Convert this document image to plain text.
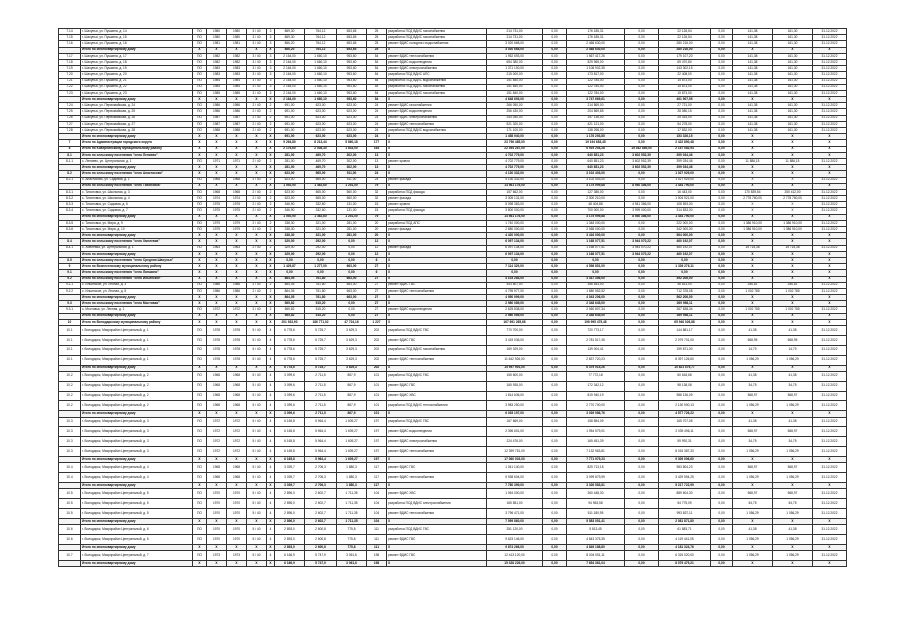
7.14	г. Шахунья, ул. Пушкина, д. 14	ПО	1980	1980	3 / 40	3	869,30	764,12	653,65	25	разработка ПСД ВДИС газоснабжения	214 731,00	0,00	176 185,31	0,00	22 126,54	0,00	141,38	161,30	31.12.2022
7.15	г. Шахунья, ул. Пушкина, д. 15	ПО	1980	1980	3 / 40	3	869,30	764,12	653,65	25	разработка ПСД ВДИС газоснабжения	214 731,00	0,00	176 185,31	0,00	22 126,54	0,00	141,38	161,30	31.12.2022
7.16	г. Шахунья, ул. Пушкина, д. 16	ПО	1981	1981	3 / 40	3	866,20	764,12	653,65	25	ремонт ВДИС холодного водоснабжения	3 020 668,00	0,00	2 468 630,00	0,00	280 216,00	0,00	141,38	161,30	31.12.2022
	Итого по многоквартирному дому	X	X	X	X	X	866,20	764,12	653,65	25	X	3 020 668,00	0,00	2 468 630,00	0,00	280 216,00	0,00	X	X	X
7.17	г. Шахунья, ул. Пушкина, д. 17	ПО	1982	1982	3 / 40	3	2 164,00	1 660,10	953,60	54	ремонт ВДИС теплоснабжения	1 952 693,00	0,00	1 567 417,26	0,00	179 107,20	0,00	141,38	161,30	31.12.2022
7.18	г. Шахунья, ул. Пушкина, д. 18	ПО	1982	1982	3 / 40	3	2 164,00	1 660,10	953,60	54	ремонт ВДИС водоотведения	654 380,00	0,00	529 965,00	0,00	69 470,80	0,00	141,38	161,30	31.12.2022
7.19	г. Шахунья, ул. Пушкина, д. 19	ПО	1983	1983	3 / 40	3	2 164,00	1 660,10	953,60	54	ремонт ВДИС электроснабжения	1 371 100,00	0,00	1 108 902,35	0,00	143 302,15	0,00	141,38	161,30	31.12.2022
7.20	г. Шахунья, ул. Пушкина, д. 20	ПО	1983	1983	3 / 40	3	2 164,00	1 660,10	953,60	54	разработка ПСД ВДИС АПС	215 000,00	0,00	173 817,00	0,00	22 408,00	0,00	141,38	161,30	31.12.2022
7.21	г. Шахунья, ул. Пушкина, д. 21	ПО	1984	1984	3 / 40	3	2 164,00	1 660,10	953,60	54	разработка ПСД ВДИС водоснабжения	151 840,00	0,00	122 784,00	0,00	15 873,00	0,00	141,38	161,30	31.12.2022
7.22	г. Шахунья, ул. Пушкина, д. 22	ПО	1984	1984	3 / 40	3	2 164,00	1 660,10	953,60	54	разработка ПСД ВДИС газоснабжения	151 840,00	0,00	122 784,00	0,00	15 873,00	0,00	141,38	161,30	31.12.2022
7.23	г. Шахунья, ул. Пушкина, д. 23	ПО	1985	1985	3 / 40	3	2 164,00	1 660,10	953,60	54	разработка ПСД ВДИС газоснабжения	151 840,00	0,00	122 784,00	0,00	15 873,00	0,00	141,38	161,30	31.12.2022
	Итого по многоквартирному дому	X	X	X	X	X	2 164,00	1 660,10	953,60	54	X	4 648 693,00	0,00	3 747 669,61	0,00	461 907,95	0,00	X	X	X
7.24	г. Шахунья, ул. Первомайская, д. 24	ПО	1986	1986	2 / 40	2	691,00	623,00	623,00	24	ремонт ВДИС газоснабжения	266 050,00	0,00	214 869,00	0,00	27 721,00	0,00	141,38	161,30	31.12.2022
7.25	г. Шахунья, ул. Первомайская, д. 25	ПО	1986	1986	2 / 40	2	691,00	623,00	623,00	24	ремонт ВДИС водоотведения	256 430,00	0,00	204 869,85	0,00	28 080,15	0,00	141,38	161,30	31.12.2022
7.26	г. Шахунья, ул. Первомайская, д. 26	ПО	1987	1987	2 / 40	2	691,00	623,00	623,00	24	ремонт ВДИС электроснабжения	244 040,00	0,00	197 136,00	0,00	25 415,00	0,00	141,38	161,30	31.12.2022
7.27	г. Шахунья, ул. Первомайская, д. 27	ПО	1987	1987	2 / 40	2	691,00	623,00	623,00	24	ремонт ВДИС теплоснабжения	521 320,00	0,00	421 121,00	0,00	54 278,00	0,00	141,38	161,30	31.12.2022
7.28	г. Шахунья, ул. Первомайская, д. 28	ПО	1988	1988	2 / 40	2	691,00	623,00	623,00	24	разработка ПСД ВДИС водоснабжения	171 100,00	0,00	138 298,00	0,00	17 832,00	0,00	141,38	161,30	31.12.2022
	Итого по многоквартирному дому	X	X	X	X	X	691,00	623,00	623,00	24	X	1 458 940,00	0,00	1 176 293,85	0,00	153 326,15	0,00	X	X	X
7	Итого по Администрации городского округа	X	X	X	X	X	9 264,80	8 213,44	5 860,18	177	X	23 796 485,00	0,00	19 194 683,45	0,00	2 422 890,48	0,00	X	X	X
8	Итого по Ковернинскому муниципальному району	X	X	X	X	X	2 176,60	2 036,30	1 833,00	164	X	22 394 287,00	0,00	6 919 254,28	15 032 889,00	2 157 082,94	0,00	X	X	X
8.1	Итого по сельскому поселению "село Леняево"	X	X	X	X	X	281,00	469,70	302,00	13	X	4 702 779,00	0,00	640 851,23	3 602 552,39	399 034,46	0,00	X	X	X
8.1.1	с. Леняево, ул. Центральная, д. 1	ПО	1971	1971	2 / 40	2	281,00	469,70	302,00	13	ремонт кровли	4 702 779,00	0,00	640 851,23	3 602 552,39	399 034,46	0,00	11 886,15	11 886,15	31.12.2022
	Итого по многоквартирному дому	X	X	X	X	X	281,00	469,70	302,00	13	X	4 702 779,00	0,00	640 851,23	3 602 552,39	399 034,46	0,00	X	X	X
8.2	Итого по сельскому поселению "село Анастасово"	X	X	X	X	X	623,00	565,00	511,00	24	X	4 130 332,00	0,00	3 102 403,00	0,00	1 027 929,00	0,00	X	X	X
8.2.1	с. Анастасово, ул. Садовая, д. 1	ПО	1968	1968	2 / 40	2	623,00	565,00	511,00	24	ремонт фасада	4 130 332,00	0,00	3 102 403,00	0,00	1 027 929,00	0,00	X	X	31.12.2022
	Итого по сельскому поселению "село Тихоновка"	X	X	X	X	X	1 592,90	1 462,60	1 251,00	79	X	13 561 176,00	0,00	3 175 999,88	8 940 386,00	1 444 790,00	0,00	X	X	X
8.3.1	с. Тихоновка, ул. Школьная, д. 3	ПО	1968	1968	2 / 40	2	623,00	565,00	560,00	32	разработка ПСД фасада	157 662,00	0,00	127 385,00	0,00	16 443,00	0,00	170 839,54	250 412,00	31.12.2022
8.3.2	с. Тихоновка, ул. Школьная, д. 4	ПО	1974	1974	2 / 40	2	623,00	565,00	560,00	32	ремонт фасада	3 305 131,00	0,00	2 300 210,00	0,00	1 004 921,00	0,00	2 778 760,00	2 778 760,00	31.12.2022
8.3.3	с. Тихоновка, ул. Садовая, д. 6	ПО	1975	1975	2 / 40	2	346,90	332,60	131,00	15	ремонт кровли	5 098 383,00	0,00	48 404,88	4 941 386,00	108 593,00	0,00	X	X	31.12.2022
8.3.4	с. Тихоновка, ул. Садовая, д. 7	ПО	1975	1975	2 / 40	2	346,90	332,60	131,00	15	разработка ПСД фасада	3 800 000,00	0,00	700 000,00	3 999 000,00	314 833,00	0,00	X	X	31.12.2022
	Итого по многоквартирному дому	X	X	X	X	X	1 592,90	1 462,60	1 251,00	79	X	13 561 176,00	0,00	3 175 999,88	8 940 386,00	1 444 790,00	0,00	X	X	X
8.3.5	с. Тихоновка, ул. Мира, д. 9	ПО	1979	1979	2 / 40	2	338,30	321,00	281,00	20	разработка ПСД АПС	1 740 000,00	0,00	1 348 000,00	0,00	222 000,00	0,00	1 386 910,00	1 386 910,00	31.12.2022
8.3.6	с. Тихоновка, ул. Мира, д. 10	ПО	1979	1979	2 / 40	2	338,30	321,00	281,00	20	ремонт фасада	2 680 000,00	0,00	2 068 000,00	0,00	342 000,00	0,00	1 386 910,00	1 386 910,00	31.12.2022
	Итого по многоквартирному дому	X	X	X	X	X	338,30	321,00	281,00	20	X	4 420 000,00	0,00	3 416 000,00	0,00	564 000,00	0,00	X	X	X
8.4	Итого по сельскому поселению "село Хмелевка"	X	X	X	X	X	329,00	292,00	0,00	12	X	6 097 134,00	0,00	1 168 077,51	3 944 070,22	460 192,07	0,00	X	X	X
8.4.1	с. Хмелевка, ул. Центральная, д. 1	ПО	1963	1963	2 / 40	2	329,00	292,00	0,00	12	ремонт фасада	6 097 134,00	0,00	1 168 077,51	3 944 070,22	460 192,07	0,00	15 715,36	15 715,36	31.12.2022
	Итого по многоквартирному дому	X	X	X	X	X	329,00	292,00	0,00	12	X	6 097 134,00	0,00	1 168 077,51	3 944 070,22	460 192,07	0,00	X	X	X
8.5	Итого по сельскому поселению "село Средняя Шахунья"	X	X	X	X	X	0,00	0,00	0,00	6	X	0,00	0,00	0,00	0,00	0,00	0,00	X	X	X
9	Итого по Вознесенскому муниципальному району	X	X	X	X	X	1 429,87	1 277,00	663,00	27	X	7 114 329,00	0,00	4 598 851,00	0,00	1 339 276,11	0,00	X	X	X
9.1	Итого по сельскому поселению "село Лапшино"	X	X	X	X	X	0,00	0,00	0,00	6	X	0,00	0,00	0,00	0,00	0,00	0,00	X	X	X
9.2	Итого по сельскому поселению "село Ильинское"	X	X	X	X	X	864,05	761,80	663,00	27	X	4 103 284,00	0,00	3 347 356,00	0,00	392 206,00	0,00	X	X	X
9.2.1	с. Ильинское, ул. Лесная, д. 3	ПО	1986	1986	2 / 40	2	864,05	761,80	663,00	27	ремонт ВДИС ГВС	443 807,00	0,00	356 453,00	0,00	46 813,00	0,00	256,81	256,81	31.12.2022
9.2.2	с. Ильинское, ул. Лесная, д. 5	ПО	1986	1986	2 / 40	2	864,05	761,80	663,00	27	ремонт ВДИС теплоснабжения	4 795 977,00	0,00	1 680 552,52	0,00	712 378,08	0,00	1 002 785	1 002 785	31.12.2022
	Итого по многоквартирному дому	X	X	X	X	X	864,05	761,80	663,00	27	X	4 950 999,00	0,00	4 043 206,00	0,00	562 206,00	0,00	X	X	X
9.3	Итого по сельскому поселению "село Мостовка"	X	X	X	X	X	565,82	515,20	0,00	27	X	2 980 089,00	0,00	2 348 645,00	0,00	269 958,11	0,00	X	X	X
9.3.1	с. Мостовка, ул. Лесная, д. 1	ПО	1972	1972	2 / 40	2	565,82	515,20	0,00	27	ремонт ВДИС водоотведения	2 625 838,00	0,00	2 060 807,34	0,00	267 638,34	0,00	1 002 785	1 002 785	31.12.2022
	Итого по многоквартирному дому	X	X	X	X	X	565,82	515,20	0,00	27	X	2 980 089,00	0,00	2 348 645,00	0,00	269 958,11	0,00	X	X	X
10	Итого по Володарскому муниципальному району	X	X	X	X	X	201 933,90	186 771,02	47 724,16	1 227	X	167 691 265,68	0,00	196 995 475,48	0,00	65 946 026,88	0,00	X	X	X
10.1	г. Володарск, Микрорайон Центральный, д. 1	ПО	1978	1978	5 / 40	4	6 778,6	5 725,7	3 629,3	202	разработка ПСД ВДИС ГВС	770 700,00	0,00	720 773,17	0,00	144 881,17	0,00	41,38	41,38	31.12.2022
10.1	г. Володарск, Микрорайон Центральный, д. 1	ПО	1978	1978	5 / 40	4	6 778,6	5 725,7	3 629,3	202	ремонт ВДИС ГВС	3 415 036,00	0,00	2 781 517,45	0,00	2 079 701,00	0,00	568,95	568,95	31.12.2022
10.1	г. Володарск, Микрорайон Центральный, д. 1	ПО	1978	1978	5 / 40	4	6 778,6	5 725,7	3 629,3	202	разработка ПСД ВДИС газоснабжения	169 329,00	0,00	139 004,41	0,00	199 871,00	0,00	14,79	14,79	31.12.2022
10.1	г. Володарск, Микрорайон Центральный, д. 1	ПО	1978	1978	5 / 40	4	6 778,6	5 725,7	3 629,3	202	ремонт ВДИС теплоснабжения	11 642 926,00	0,00	2 837 720,23	0,00	8 397 126,60	0,00	1 056,29	1 056,29	31.12.2022
	Итого по многоквартирному дому	X	X	X	X	X	6 778,6	5 725,7	3 629,3	202	X	15 997 991,00	0,00	6 479 015,26	0,00	10 821 579,77	0,00	X	X	X
10.2	г. Володарск, Микрорайон Центральный, д. 2	ПО	1968	1968	5 / 40	4	3 099,6	2 711,5	867,9	101	разработка ПСД ВДИС ГВС	155 600,00	0,00	77 772,18	0,00	60 618,68	0,00	41,38	41,38	31.12.2022
10.2	г. Володарск, Микрорайон Центральный, д. 2	ПО	1968	1968	5 / 40	4	3 099,6	2 711,5	867,9	101	ремонт ВДИС ГВС	165 935,00	0,00	172 342,12	0,00	98 138,08	0,00	34,75	34,75	31.12.2022
10.2	г. Володарск, Микрорайон Центральный, д. 2	ПО	1968	1968	5 / 40	4	3 099,6	2 711,5	867,9	101	ремонт ВДИС ХВС	1 814 636,00	0,00	819 940,19	0,00	988 136,09	0,00	568,97	568,97	31.12.2022
10.2	г. Володарск, Микрорайон Центральный, д. 2	ПО	1968	1968	5 / 40	4	3 099,6	2 711,5	867,9	101	разработка ПСД ВДИС теплоснабжения	3 983 250,00	0,00	2 770 700,00	0,00	2 130 900,13	0,00	1 056,29	1 056,29	31.12.2022
	Итого по многоквартирному дому	X	X	X	X	X	3 099,6	2 711,5	867,9	101	X	6 035 197,00	0,00	3 039 986,76	0,00	4 577 726,22	0,00	X	X	X
10.3	г. Володарск, Микрорайон Центральный, д. 3	ПО	1972	1972	5 / 40	4	6 165,8	5 964,4	1 609,27	197	разработка ПСД ВДИС ГВС	167 669,00	0,00	158 854,09	0,00	165 707,08	0,00	41,38	41,38	31.12.2022
10.3	г. Володарск, Микрорайон Центральный, д. 3	ПО	1972	1972	5 / 40	4	6 165,8	5 964,4	1 609,27	197	ремонт ВДИС водоотведения	2 396 601,00	0,00	1 954 579,01	0,00	2 039 496,11	0,00	568,97	568,97	31.12.2022
10.3	г. Володарск, Микрорайон Центральный, д. 3	ПО	1972	1972	5 / 40	4	6 165,8	5 964,4	1 609,27	197	ремонт ВДИС электроснабжения	224 476,00	0,00	165 451,39	0,00	59 992,31	0,00	34,75	34,75	31.12.2022
10.3	г. Володарск, Микрорайон Центральный, д. 3	ПО	1972	1972	5 / 40	4	6 165,8	5 964,4	1 609,27	197	ремонт ВДИС теплоснабжения	12 399 751,00	0,00	7 132 963,81	0,00	8 015 387,33	0,00	1 056,29	1 056,29	31.12.2022
	Итого по многоквартирному дому	X	X	X	X	X	6 165,8	5 964,4	1 609,27	197	X	17 060 003,00	0,00	7 771 979,23	0,00	9 309 006,60	0,00	X	X	X
10.4	г. Володарск, Микрорайон Центральный, д. 4	ПО	1968	1968	5 / 40	4	3 039,7	2 706,3	1 880,3	117	ремонт ВДИС ГВС	1 041 140,00	0,00	825 713,18	0,00	983 804,23	0,00	568,97	568,97	31.12.2022
10.4	г. Володарск, Микрорайон Центральный, д. 4	ПО	1968	1968	5 / 40	4	3 039,7	2 706,3	1 880,3	117	ремонт ВДИС теплоснабжения	5 938 604,00	0,00	3 099 879,59	0,00	3 429 594,25	0,00	1 056,29	1 056,29	31.12.2022
	Итого по многоквартирному дому	X	X	X	X	X	3 039,7	2 706,3	1 880,3	117	X	7 780 399,00	0,00	3 326 583,81	0,00	5 217 722,99	0,00	X	X	X
10.5	г. Володарск, Микрорайон Центральный, д. 5	ПО	1970	1970	5 / 40	4	2 896,0	2 602,7	1 711,35	104	ремонт ВДИС ХВС	1 054 000,00	0,00	260 448,30	0,00	889 604,30	0,00	568,97	568,97	31.12.2022
10.5	г. Володарск, Микрорайон Центральный, д. 5	ПО	1970	1970	5 / 40	4	2 896,0	2 602,7	1 711,35	104	разработка ПСД ВДИС электроснабжения	165 851,00	0,00	94 963,58	0,00	54 775,09	0,00	54,75	54,75	31.12.2022
10.5	г. Володарск, Микрорайон Центральный, д. 5	ПО	1970	1970	5 / 40	4	2 896,0	2 602,7	1 711,35	104	ремонт ВДИС теплоснабжения	3 796 471,00	0,00	511 180,95	0,00	993 837,11	0,00	1 056,29	1 056,29	31.12.2022
	Итого по многоквартирному дому	X	X	X	X	X	2 896,0	2 602,7	1 711,35	104	X	7 599 860,00	0,00	5 583 051,41	0,00	2 081 871,80	0,00	X	X	X
10.6	г. Володарск, Микрорайон Центральный, д. 6	ПО	1970	1970	5 / 40	4	2 893,0	2 600,8	775,8	111	разработка ПСД ВДИС ГВС	251 120,00	0,00	5 813,45	0,00	61 883,71	0,00	41,38	41,38	31.12.2022
10.6	г. Володарск, Микрорайон Центральный, д. 6	ПО	1970	1970	5 / 40	4	2 893,0	2 600,8	775,8	111	ремонт ВДИС ГВС	9 623 146,00	0,00	4 843 375,35	0,00	4 119 441,05	0,00	1 056,29	1 056,29	31.12.2022
	Итого по многоквартирному дому	X	X	X	X	X	2 893,0	2 600,8	775,8	111	X	9 874 266,00	0,00	4 849 188,80	0,00	4 181 324,76	0,00	X	X	X
10.7	г. Володарск, Микрорайон Центральный, д. 7	ПО	1973	1973	5 / 40	4	6 166,9	5 747,9	3 061,6	198	ремонт ВДИС ГВС	12 413 120,00	0,00	8 004 051,11	0,00	6 315 020,00	0,00	1 056,29	1 056,29	31.12.2022
	Итого по многоквартирному дому	X	X	X	X	X	6 166,9	5 747,9	3 061,6	198	X	15 328 226,00	0,00	7 654 361,04	0,00	8 079 479,21	0,00	X	X	X
